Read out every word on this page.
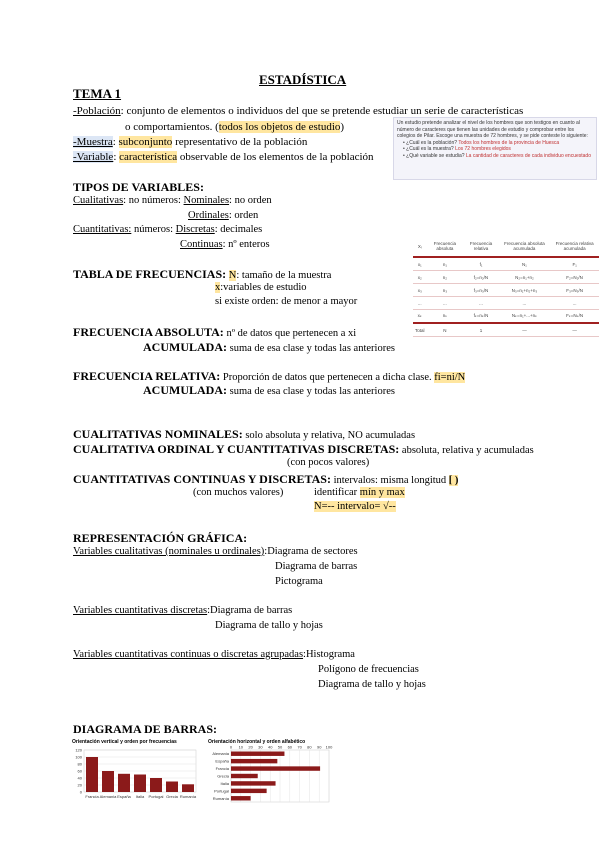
ESTADÍSTICA
TEMA 1
-Población: conjunto de elementos o individuos del que se pretende estudiar un serie de características
o comportamientos. (todos los objetos de estudio)
-Muestra: subconjunto representativo de la población
-Variable: característica observable de los elementos de la población
Un estudio pretende analizar el nivel de los hombres que son testigos en cuanto al número de caracteres que tienen las unidades de estudio y comprobar entre los colegios de Pilar. Escoge una muestra de 72 hombres, y se pide conteste lo siguiente:
• ¿Cuál es la población? Todos los hombres de la provincia de Huesca
• ¿Cuál es la muestra? Los 72 hombres elegidos
• ¿Qué variable se estudia? La cantidad de caracteres de cada individuo encuestado
TIPOS DE VARIABLES:
Cualitativas: no números: Nominales: no orden
Ordinales: orden
Cuantitativas: números: Discretas: decimales
Continuas: nº enteros
TABLA DE FRECUENCIAS: N: tamaño de la muestra
x:variables de estudio
si existe orden: de menor a mayor
Xᵢ	Frecuencia absoluta	Frecuencia relativa	Frecuencia absoluta acumulada	Frecuencia relativa acumulada
x₁	n₁	f₁	N₁	F₁
x₂	n₂	f₂=n₂/N	N₂=n₁+n₂	F₂=N₂/N
x₃	n₃	f₃=n₃/N	N₃=n₁+n₂+n₃	F₃=N₃/N
...	...	...	...	...
xₖ	nₖ	fₖ=nₖ/N	Nₖ=n₁+...+nₖ	Fₖ=Nₖ/N
Total	N	1	—	—
FRECUENCIA ABSOLUTA: nº de datos que pertenecen a xi
ACUMULADA: suma de esa clase y todas las anteriores
FRECUENCIA RELATIVA: Proporción de datos que pertenecen a dicha clase. fi=ni/N
ACUMULADA: suma de esa clase y todas las anteriores
CUALITATIVAS NOMINALES: solo absoluta y relativa, NO acumuladas
CUALITATIVA ORDINAL Y CUANTITATIVAS DISCRETAS: absoluta, relativa y acumuladas
(con pocos valores)
CUANTITATIVAS CONTINUAS Y DISCRETAS: intervalos: misma longitud [ )
(con muchos valores)	identificar mín y max
N=-- intervalo= √--
REPRESENTACIÓN GRÁFICA:
Variables cualitativas (nominales u ordinales):Diagrama de sectores
Diagrama de barras
Pictograma
Variables cuantitativas discretas:Diagrama de barras
Diagrama de tallo y hojas
Variables cuantitativas continuas o discretas agrupadas:Histograma
Polígono de frecuencias
Diagrama de tallo y hojas
DIAGRAMA DE BARRAS:
Orientación vertical y orden por frecuencias
0
20
40
60
80
100
120
Francia Alemania España Italia Portugal Grecia Rumanía
Orientación horizontal y orden alfabético
0 10 20 30 40 50 60 70 80 90 100
Alemania
España
Francia
Grecia
Italia
Portugal
Rumanía
